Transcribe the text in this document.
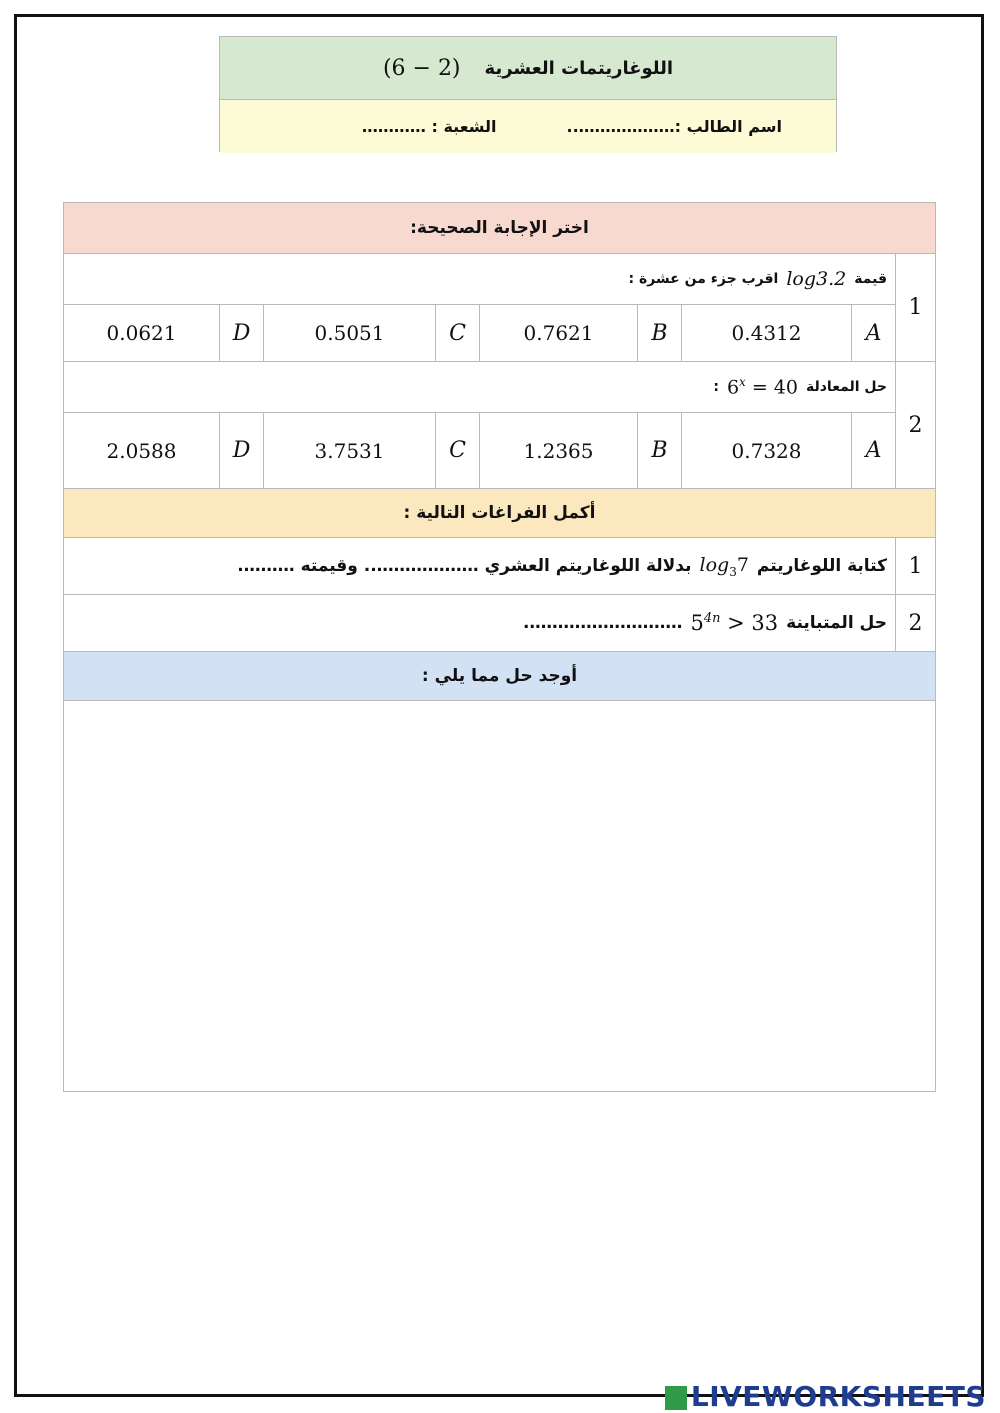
اللوغاريتمات العشرية
(6 − 2)
اسم الطالب :………………..
الشعبة : …………
اختر الإجابة الصحيحة:
1
قيمة
log3.2
اقرب جزء من عشرة :
A
0.4312
B
0.7621
C
0.5051
D
0.0621
2
حل المعادلة
$6^x = 40$
:
A
0.7328
B
1.2365
C
3.7531
D
2.0588
أكمل الفراغات التالية :
1
كتابة اللوغاريتم
$\log_37$
بدلالة اللوغاريتم العشري ……………….. وقيمته ……….
2
حل المتباينة
$5^{4n} > 33$
……………………….
أوجد حل مما يلي :
LIVEWORKSHEETS
